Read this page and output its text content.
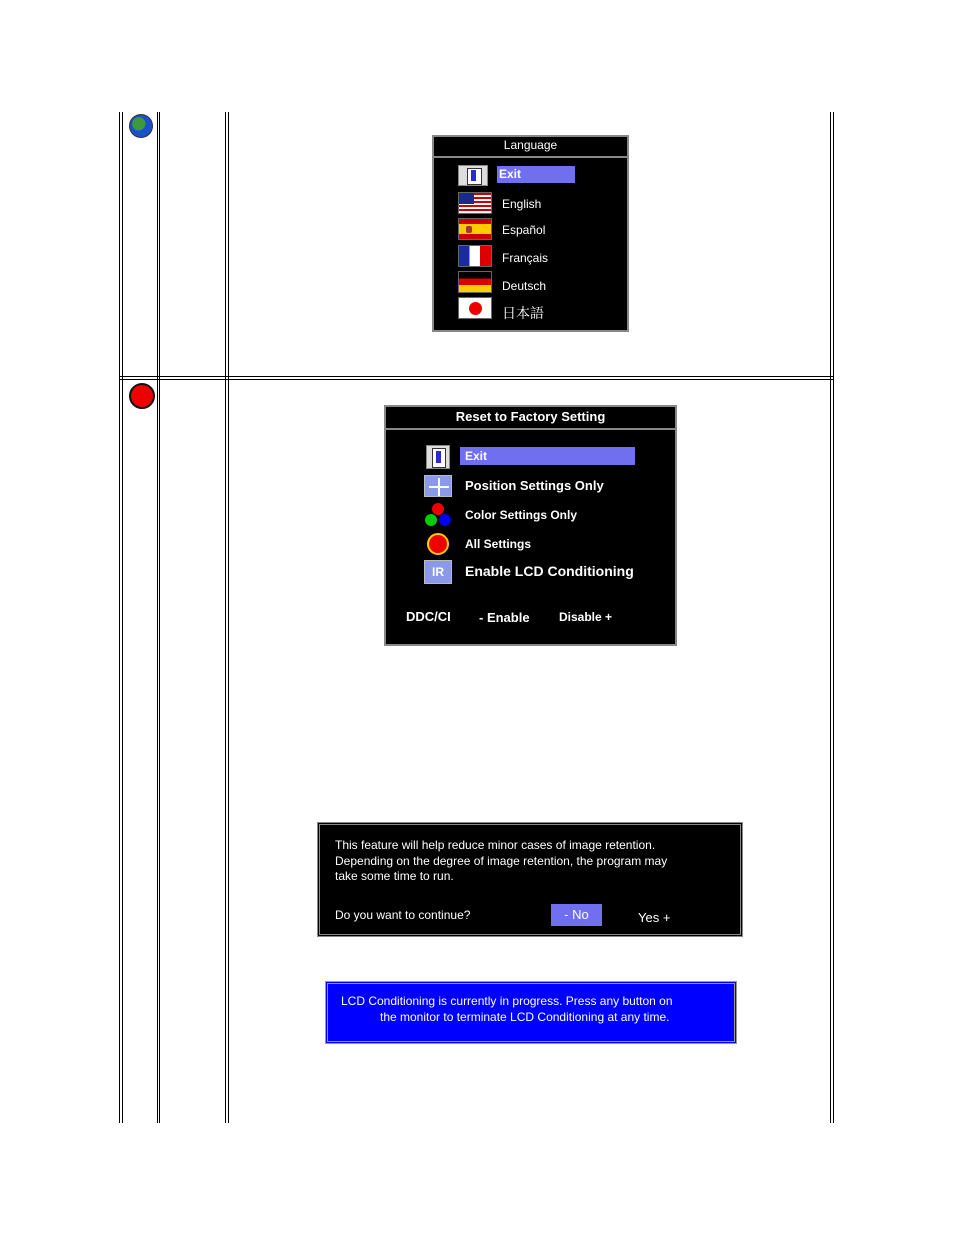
Language
Exit
English
Español
Français
Deutsch
日本語
Reset to Factory Setting
Exit
Position Settings Only
Color Settings Only
All Settings
IR	Enable LCD Conditioning
DDC/CI - Enable Disable +
This feature will help reduce minor cases of image retention.
Depending on the degree of image retention, the program may
take some time to run.
Do you want to continue?	- No	Yes +
LCD Conditioning is currently in progress. Press any button on
the monitor to terminate LCD Conditioning at any time.
